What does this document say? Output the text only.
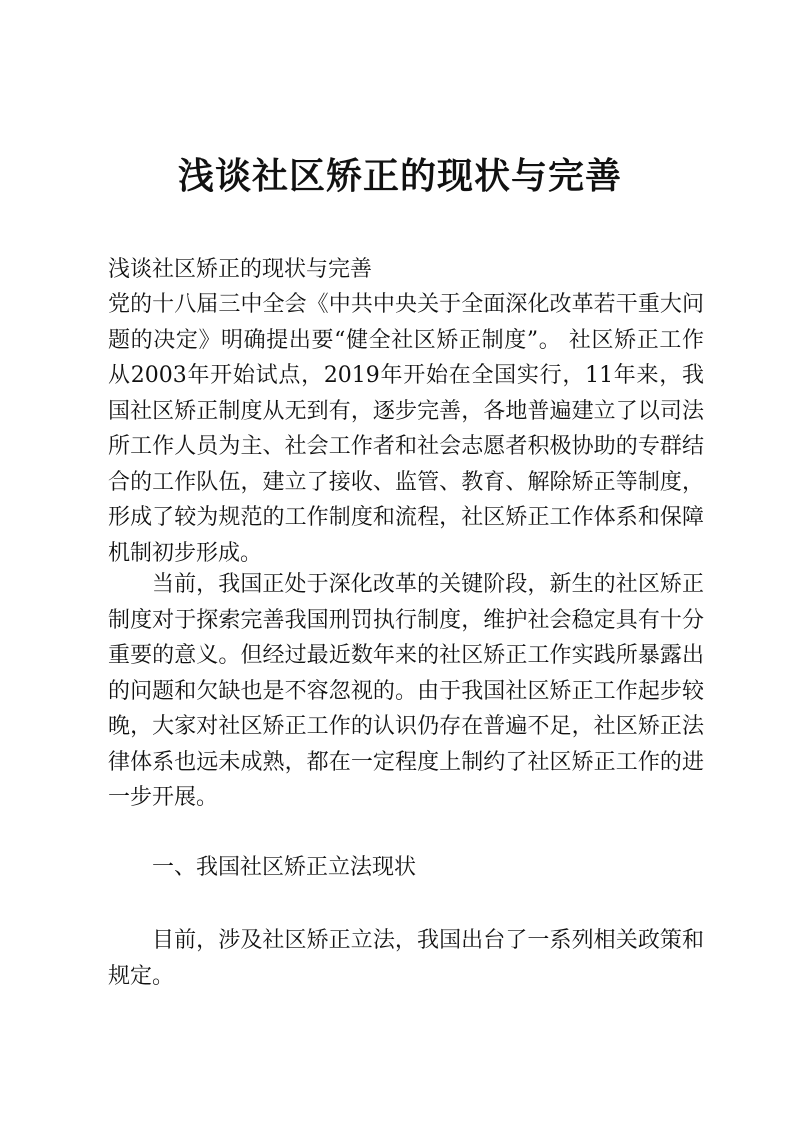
浅谈社区矫正的现状与完善

浅谈社区矫正的现状与完善

党的十八届三中全会《中共中央关于全面深化改革若干重大问题的决定》明确提出要“健全社区矫正制度”。 社区矫正工作从2003年开始试点，2019年开始在全国实行，11年来，我国社区矫正制度从无到有，逐步完善，各地普遍建立了以司法所工作人员为主、社会工作者和社会志愿者积极协助的专群结合的工作队伍，建立了接收、监管、教育、解除矫正等制度，形成了较为规范的工作制度和流程，社区矫正工作体系和保障机制初步形成。

当前，我国正处于深化改革的关键阶段，新生的社区矫正制度对于探索完善我国刑罚执行制度，维护社会稳定具有十分重要的意义。但经过最近数年来的社区矫正工作实践所暴露出的问题和欠缺也是不容忽视的。由于我国社区矫正工作起步较晚，大家对社区矫正工作的认识仍存在普遍不足，社区矫正法律体系也远未成熟，都在一定程度上制约了社区矫正工作的进一步开展。

一、我国社区矫正立法现状

目前，涉及社区矫正立法，我国出台了一系列相关政策和规定。
